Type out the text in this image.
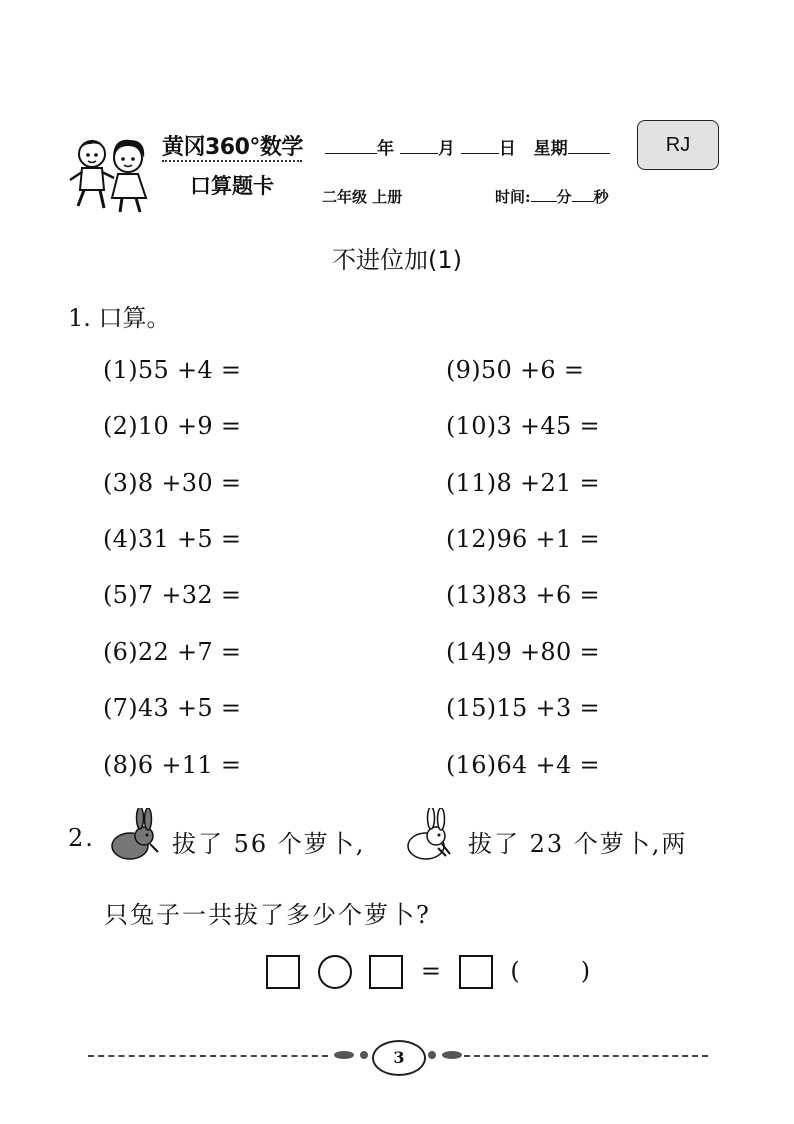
黄冈360°数学
口算题卡
年	月	日 星期
二年级 上册	时间: 分 秒
RJ
不进位加(1)
1. 口算。
(1)55 +4 =
(2)10 +9 =
(3)8 +30 =
(4)31 +5 =
(5)7 +32 =
(6)22 +7 =
(7)43 +5 =
(8)6 +11 =
(9)50 +6 =
(10)3 +45 =
(11)8 +21 =
(12)96 +1 =
(13)83 +6 =
(14)9 +80 =
(15)15 +3 =
(16)64 +4 =
2.	拔了 56 个萝卜,	拔了 23 个萝卜,两
只兔子一共拔了多少个萝卜?
=	(        )
3
